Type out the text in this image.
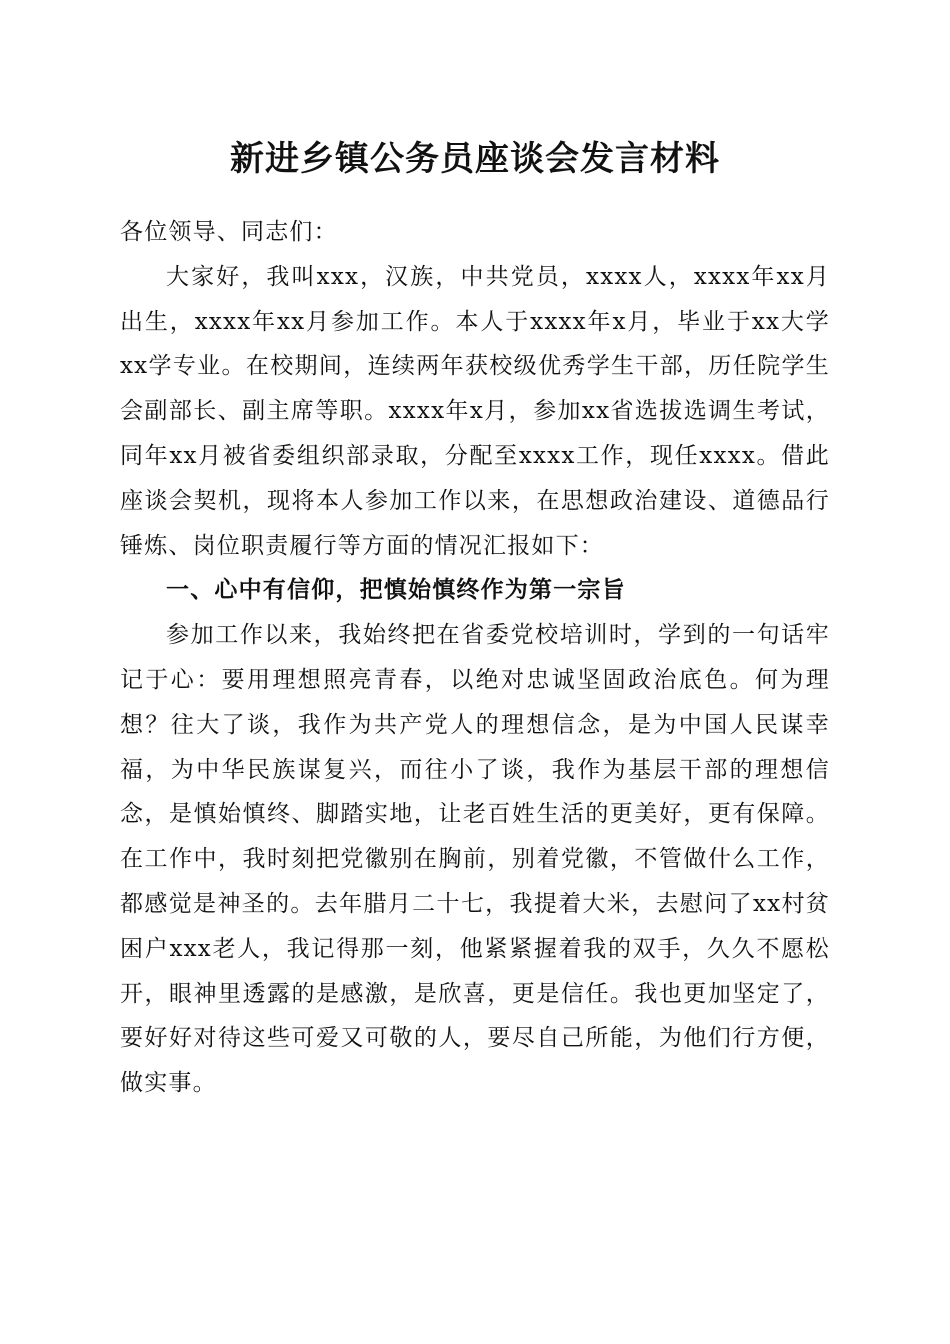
新进乡镇公务员座谈会发言材料

各位领导、同志们：

大家好，我叫xxx，汉族，中共党员，xxxx人，xxxx年xx月出生，xxxx年xx月参加工作。本人于xxxx年x月，毕业于xx大学xx学专业。在校期间，连续两年获校级优秀学生干部，历任院学生会副部长、副主席等职。xxxx年x月，参加xx省选拔选调生考试，同年xx月被省委组织部录取，分配至xxxx工作，现任xxxx。借此座谈会契机，现将本人参加工作以来，在思想政治建设、道德品行锤炼、岗位职责履行等方面的情况汇报如下：

一、心中有信仰，把慎始慎终作为第一宗旨

参加工作以来，我始终把在省委党校培训时，学到的一句话牢记于心：要用理想照亮青春，以绝对忠诚坚固政治底色。何为理想？往大了谈，我作为共产党人的理想信念，是为中国人民谋幸福，为中华民族谋复兴，而往小了谈，我作为基层干部的理想信念，是慎始慎终、脚踏实地，让老百姓生活的更美好，更有保障。在工作中，我时刻把党徽别在胸前，别着党徽，不管做什么工作，都感觉是神圣的。去年腊月二十七，我提着大米，去慰问了xx村贫困户xxx老人，我记得那一刻，他紧紧握着我的双手，久久不愿松开，眼神里透露的是感激，是欣喜，更是信任。我也更加坚定了，要好好对待这些可爱又可敬的人，要尽自己所能，为他们行方便，做实事。
